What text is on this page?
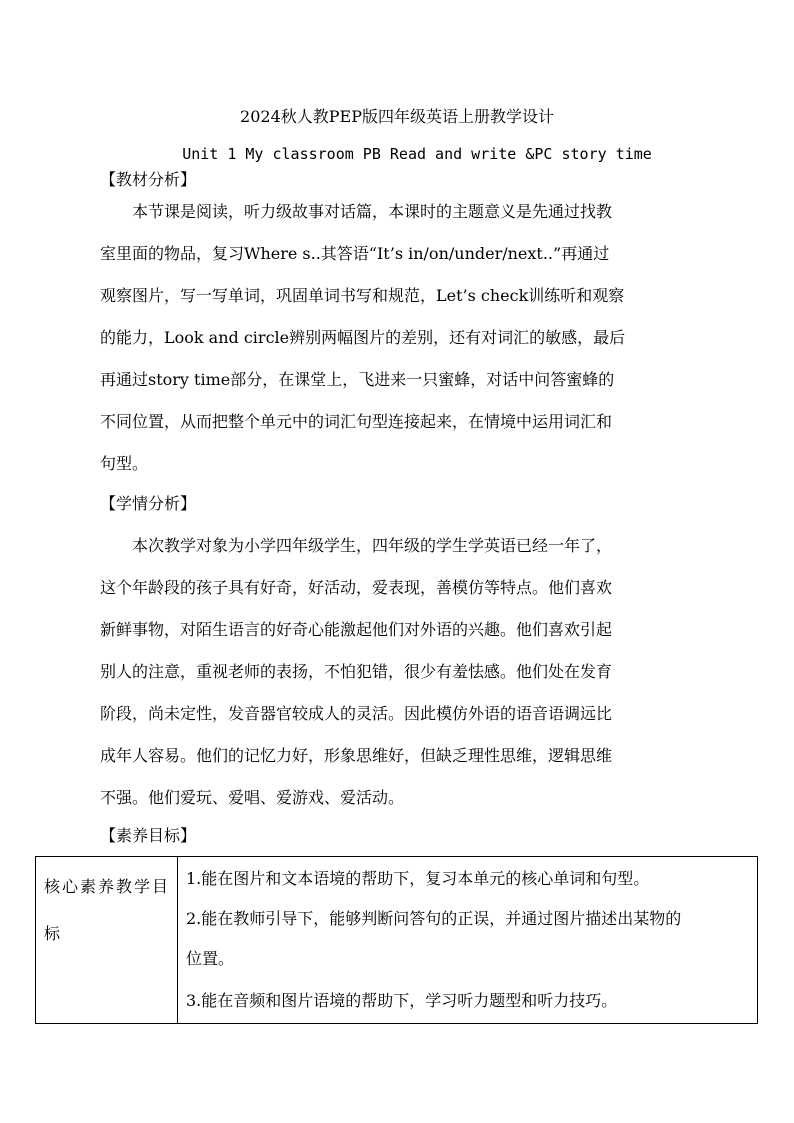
2024秋人教PEP版四年级英语上册教学设计
Unit 1 My classroom PB Read and write &PC story time
【教材分析】
本节课是阅读，听力级故事对话篇，本课时的主题意义是先通过找教
室里面的物品，复习Where s..其答语“It’s in/on/under/next..”再通过
观察图片，写一写单词，巩固单词书写和规范，Let’s check训练听和观察
的能力，Look and circle辨别两幅图片的差别，还有对词汇的敏感，最后
再通过story time部分，在课堂上，飞进来一只蜜蜂，对话中问答蜜蜂的
不同位置，从而把整个单元中的词汇句型连接起来，在情境中运用词汇和
句型。
【学情分析】
本次教学对象为小学四年级学生，四年级的学生学英语已经一年了，
这个年龄段的孩子具有好奇，好活动，爱表现，善模仿等特点。他们喜欢
新鲜事物，对陌生语言的好奇心能激起他们对外语的兴趣。他们喜欢引起
别人的注意，重视老师的表扬，不怕犯错，很少有羞怯感。他们处在发育
阶段，尚未定性，发音器官较成人的灵活。因此模仿外语的语音语调远比
成年人容易。他们的记忆力好，形象思维好，但缺乏理性思维，逻辑思维
不强。他们爱玩、爱唱、爱游戏、爱活动。
【素养目标】
核心素养教学目标

1.能在图片和文本语境的帮助下，复习本单元的核心单词和句型。
2.能在教师引导下，能够判断问答句的正误，并通过图片描述出某物的
位置。
3.能在音频和图片语境的帮助下，学习听力题型和听力技巧。
